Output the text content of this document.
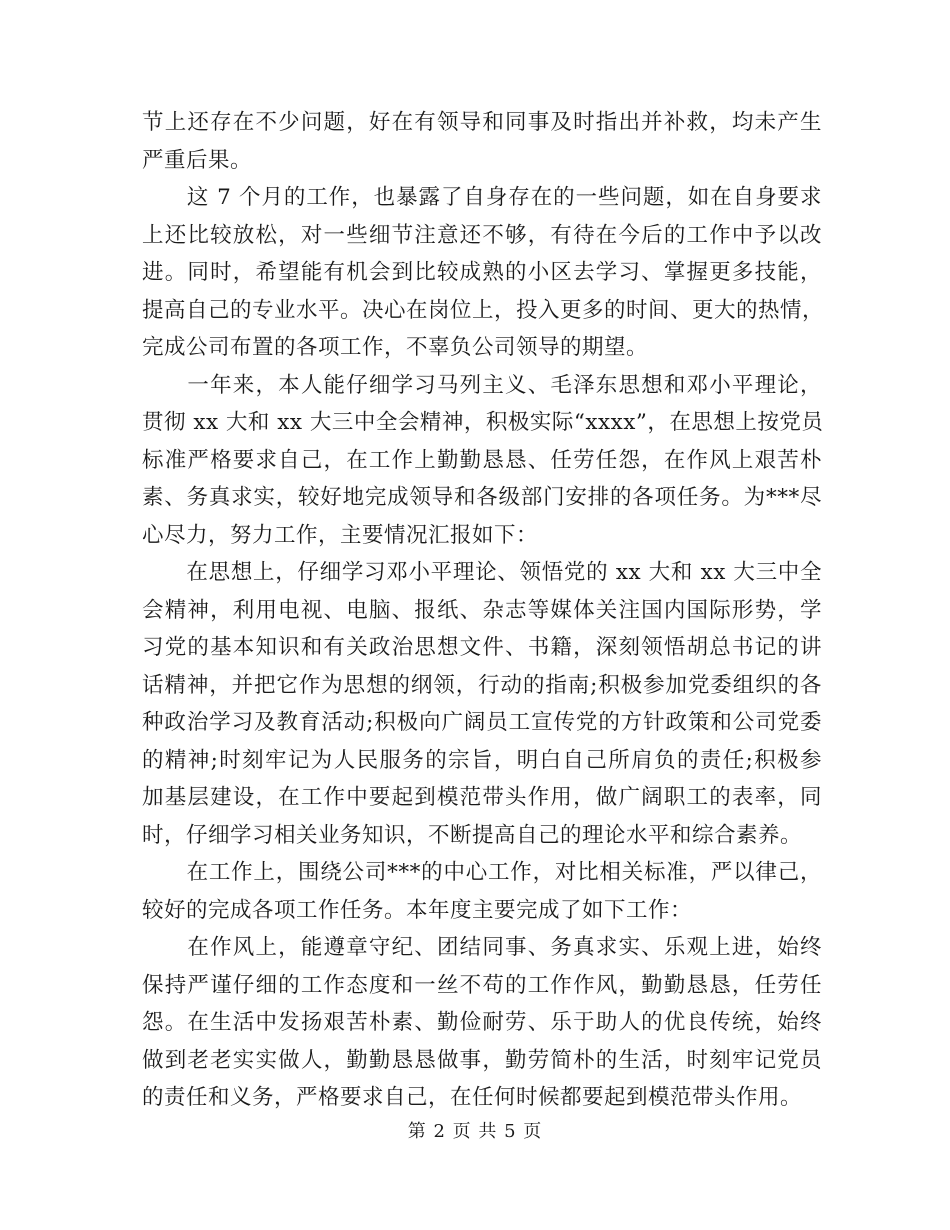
节上还存在不少问题，好在有领导和同事及时指出并补救，均未产生
严重后果。
　　这 7 个月的工作，也暴露了自身存在的一些问题，如在自身要求
上还比较放松，对一些细节注意还不够，有待在今后的工作中予以改
进。同时，希望能有机会到比较成熟的小区去学习、掌握更多技能，
提高自己的专业水平。决心在岗位上，投入更多的时间、更大的热情，
完成公司布置的各项工作，不辜负公司领导的期望。
　　一年来，本人能仔细学习马列主义、毛泽东思想和邓小平理论，
贯彻 xx 大和 xx 大三中全会精神，积极实际“xxxx”，在思想上按党员
标准严格要求自己，在工作上勤勤恳恳、任劳任怨，在作风上艰苦朴
素、务真求实，较好地完成领导和各级部门安排的各项任务。为***尽
心尽力，努力工作，主要情况汇报如下：
　　在思想上，仔细学习邓小平理论、领悟党的 xx 大和 xx 大三中全
会精神，利用电视、电脑、报纸、杂志等媒体关注国内国际形势，学
习党的基本知识和有关政治思想文件、书籍，深刻领悟胡总书记的讲
话精神，并把它作为思想的纲领，行动的指南;积极参加党委组织的各
种政治学习及教育活动;积极向广阔员工宣传党的方针政策和公司党委
的精神;时刻牢记为人民服务的宗旨，明白自己所肩负的责任;积极参
加基层建设，在工作中要起到模范带头作用，做广阔职工的表率，同
时，仔细学习相关业务知识，不断提高自己的理论水平和综合素养。
　　在工作上，围绕公司***的中心工作，对比相关标准，严以律己，
较好的完成各项工作任务。本年度主要完成了如下工作：
　　在作风上，能遵章守纪、团结同事、务真求实、乐观上进，始终
保持严谨仔细的工作态度和一丝不苟的工作作风，勤勤恳恳，任劳任
怨。在生活中发扬艰苦朴素、勤俭耐劳、乐于助人的优良传统，始终
做到老老实实做人，勤勤恳恳做事，勤劳简朴的生活，时刻牢记党员
的责任和义务，严格要求自己，在任何时候都要起到模范带头作用。
第 2 页 共 5 页
